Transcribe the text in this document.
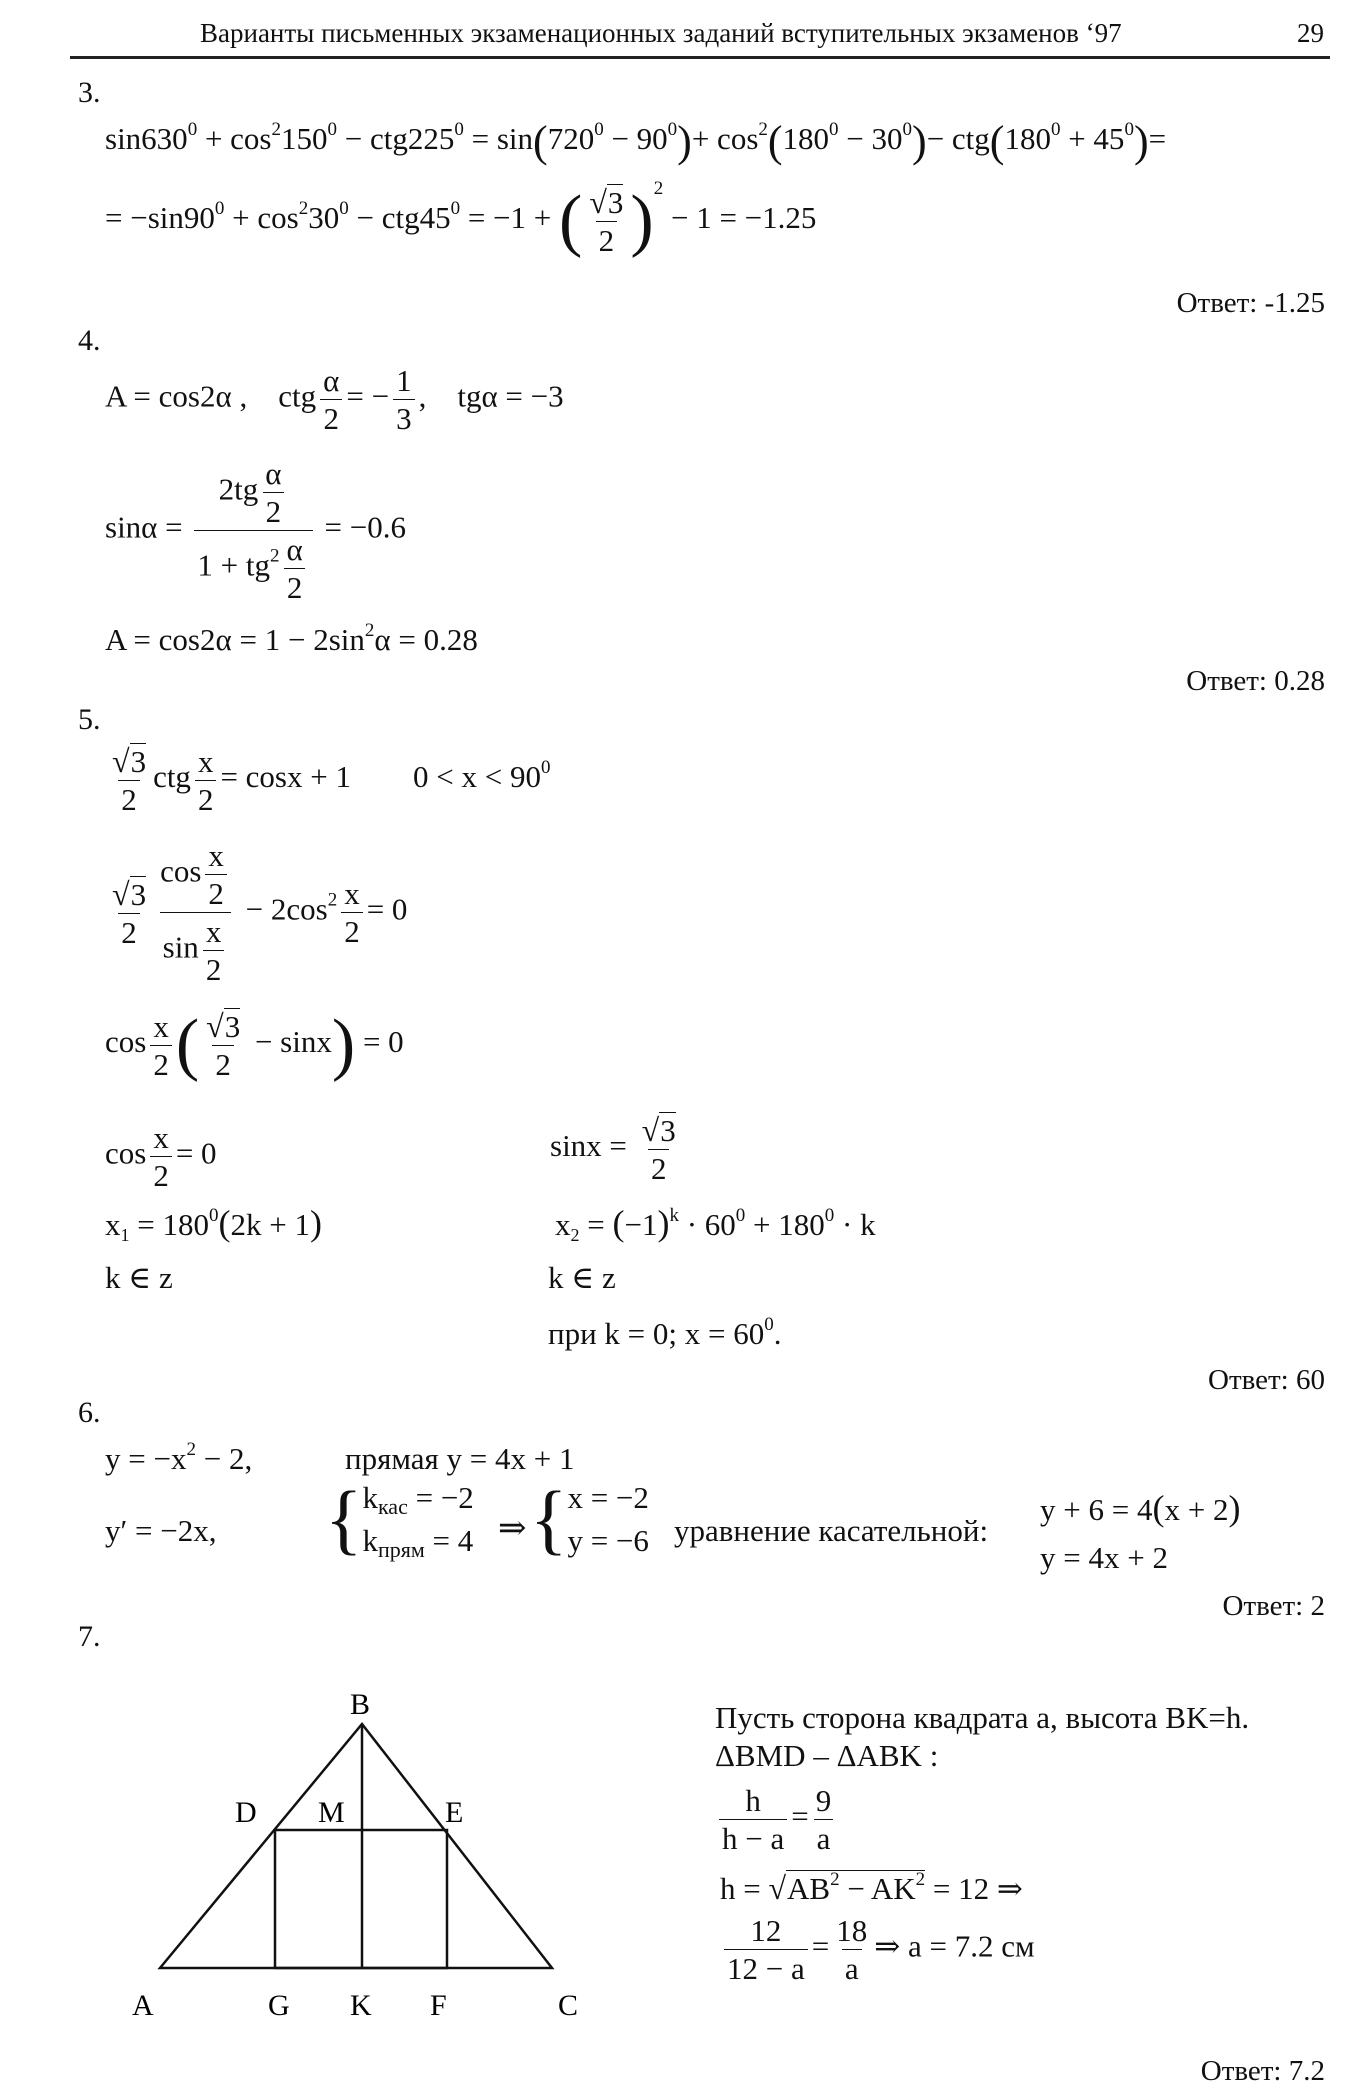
Варианты письменных экзаменационных заданий вступительных экзаменов ‘97	29
3.
$\sin 630^0 + \cos^2150^0 - ctg225^0 = \sin(720^0 - 90^0)+ \cos^2(180^0 - 30^0)- ctg(180^0 + 45^0)=$
= $-\sin 90^0 + \cos^230^0 - ctg45^0 = -1$ + ( $\frac{√3}{2} )^2 - 1 = -1.25$
Ответ: -1.25
4.
A = cos2α ,    ctg $\frac{\alpha}{2}$ = − $\frac{1}{3}$ ,    tgα = −3
$\sin\alpha = \frac{2tg \frac{\alpha}{2}}{1 + tg^2 \frac{\alpha}{2}} = -0.6$
$A = \cos 2\alpha = 1 - 2\sin^2\alpha = 0.28$
Ответ: 0.28
5.
$\frac{√3}{2}$ ctg $\frac{x}{2} = \cos x + 1$        $0 < x < 90^0$
$\frac{√3}{2} \frac{\cos \frac{x}{2}}{\sin \frac{x}{2}} - 2\cos^2 \frac{x}{2} = 0$
$\cos \frac{x}{2}$ ( $\frac{√3}{2} - \sin x) = 0$
$\cos \frac{x}{2} = 0$
$x_1 = 180^0(2k + 1)$
k ∈ z
$\sin x = \frac{√3}{2}$
$x_2 = (-1)^k \cdot 60^0 + 180^0 \cdot k$
k ∈ z
при k = 0; $x = 60^0$.
Ответ: 60
6.
$y = -x^2 - 2$,	прямая y = 4x + 1
y′ = −2x, { $k_{кас} = -2$
$k_{прям} = 4$ ⇒ { x = −2
y = −6 уравнение касательной:
y + 6 = 4(x + 2)
y = 4x + 2
Ответ: 2
7.
B
D M	E
A	G K F	C
Пусть сторона квадрата a, высота BK=h.
ΔBMD – ΔABK :
$\frac{h}{h - a} = \frac{9}{a}$
$h = √AB^2 - AK^2 = 12$ ⇒
$\frac{12}{12 - a} = \frac{18}{a}$ ⇒ a = 7.2 см
Ответ: 7.2
